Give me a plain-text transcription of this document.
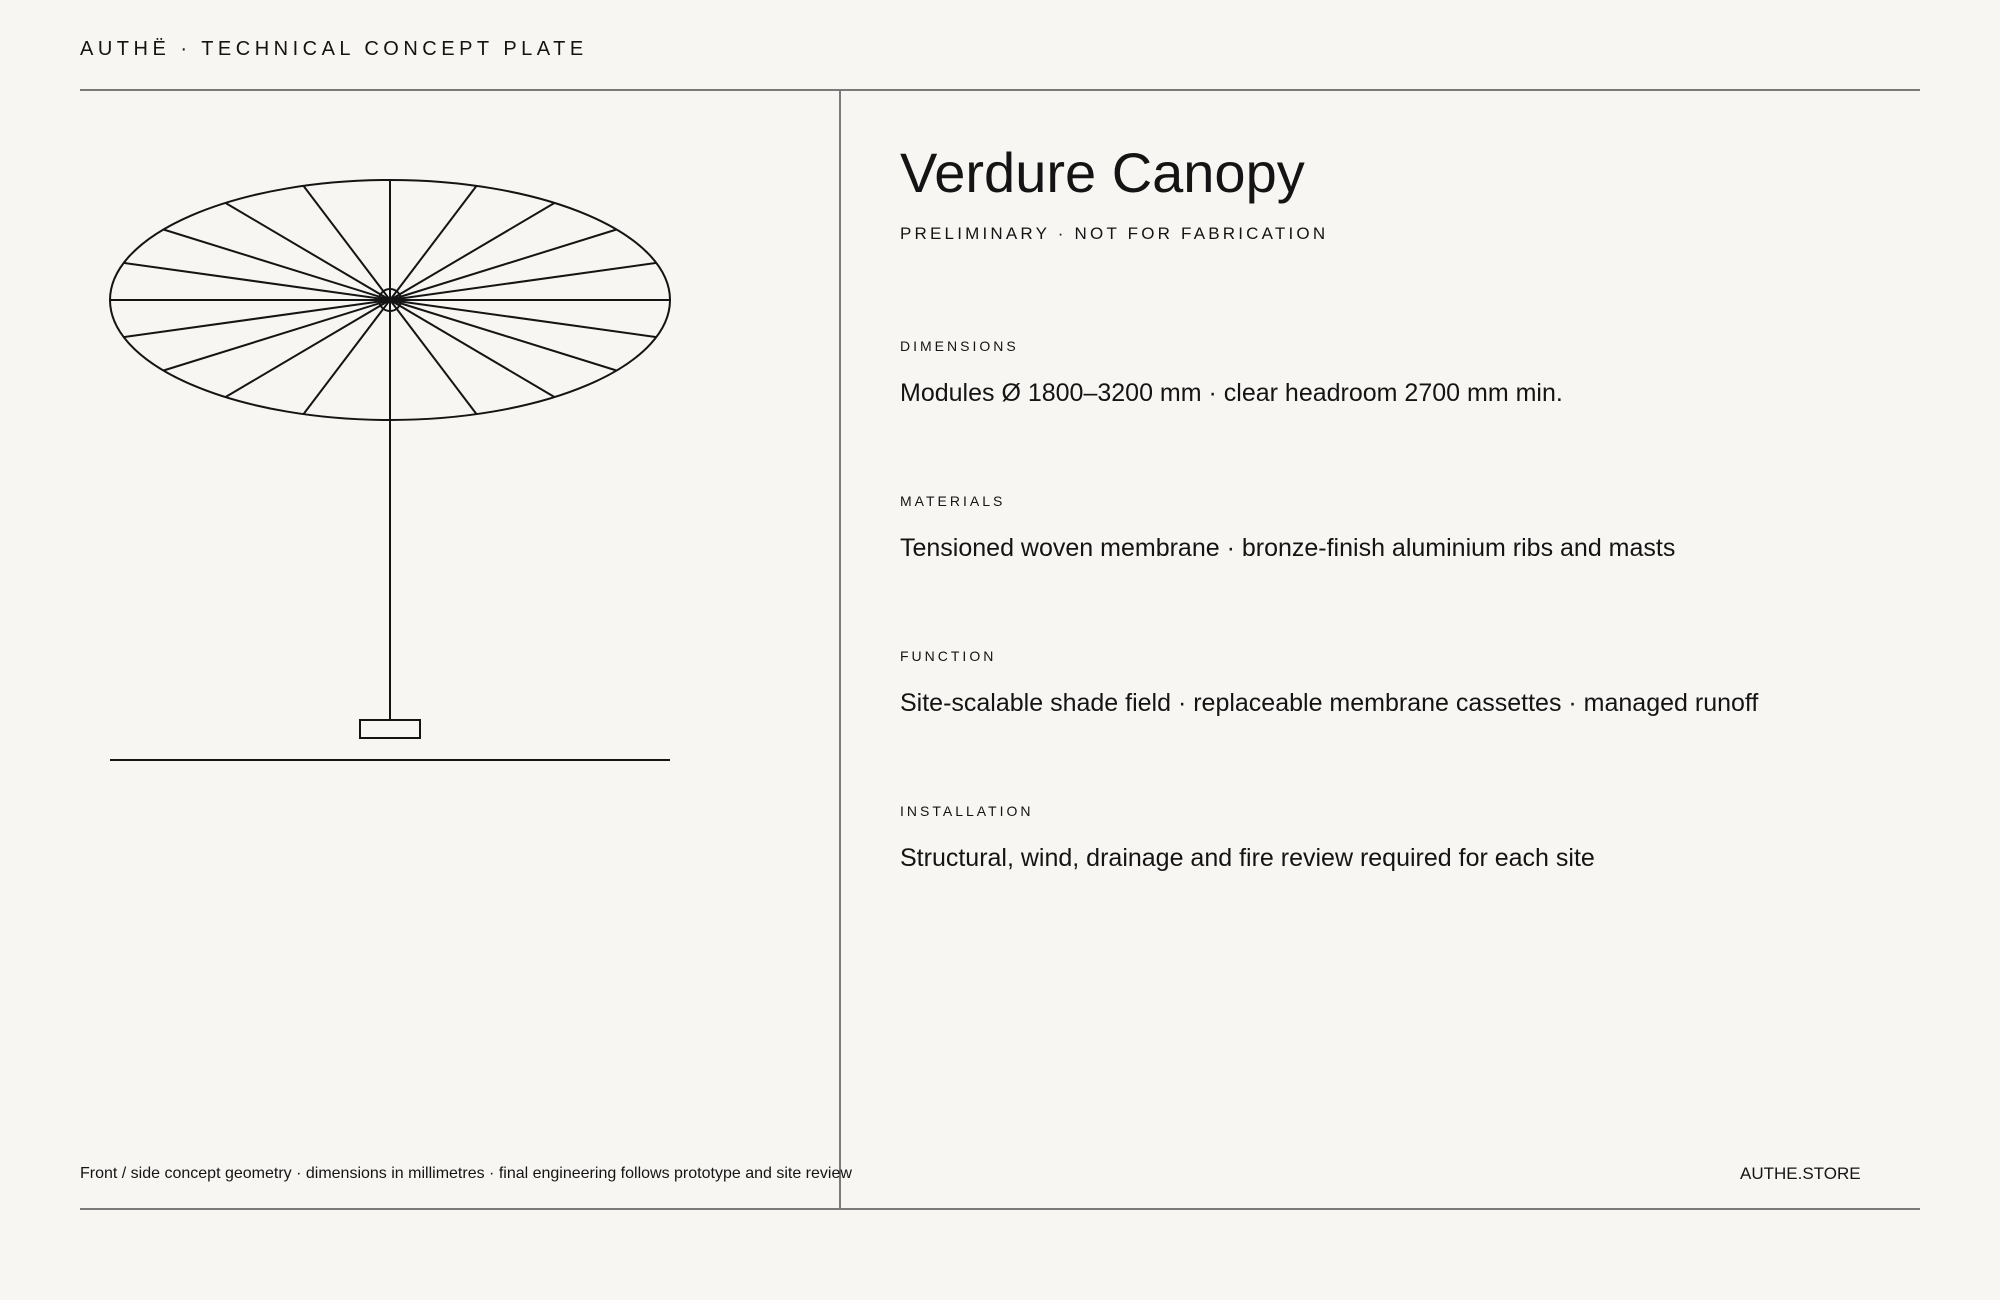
AUTHË · TECHNICAL CONCEPT PLATE
Verdure Canopy
PRELIMINARY · NOT FOR FABRICATION
DIMENSIONS
Modules Ø 1800–3200 mm · clear headroom 2700 mm min.
MATERIALS
Tensioned woven membrane · bronze-finish aluminium ribs and masts
FUNCTION
Site-scalable shade field · replaceable membrane cassettes · managed runoff
INSTALLATION
Structural, wind, drainage and fire review required for each site
Front / side concept geometry · dimensions in millimetres · final engineering follows prototype and site review	AUTHE.STORE
